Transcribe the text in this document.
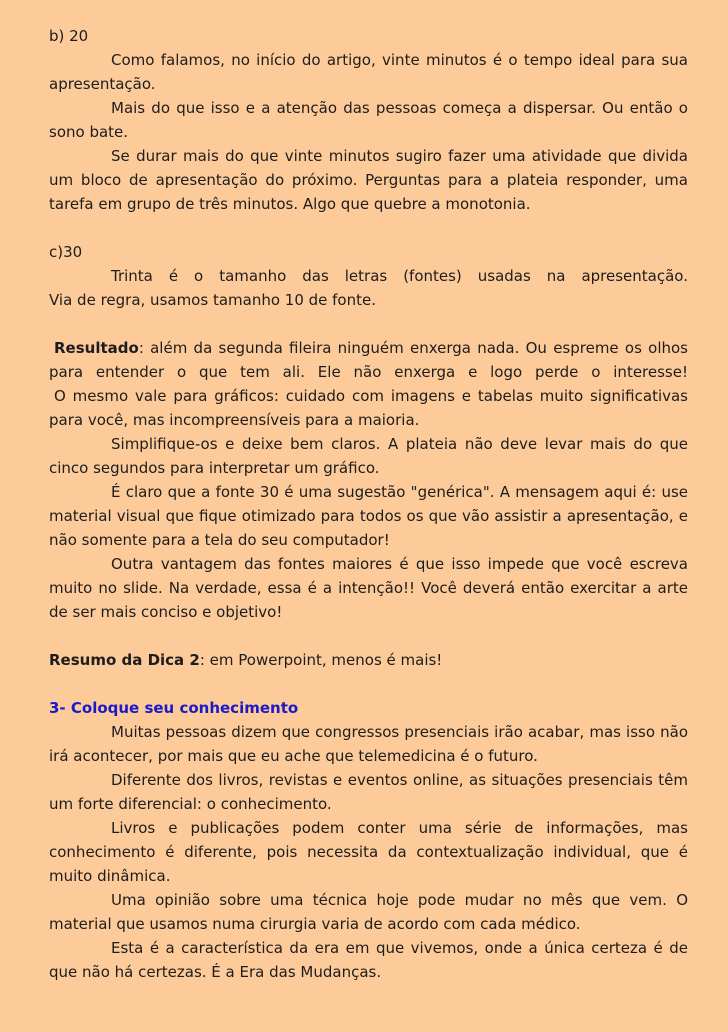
b) 20
Como falamos, no início do artigo, vinte minutos é o tempo ideal para sua
apresentação.
Mais do que isso e a atenção das pessoas começa a dispersar. Ou então o
sono bate.
Se durar mais do que vinte minutos sugiro fazer uma atividade que divida
um bloco de apresentação do próximo. Perguntas para a plateia responder, uma
tarefa em grupo de três minutos. Algo que quebre a monotonia.
c)30
Trinta é o tamanho das letras (fontes) usadas na apresentação.
Via de regra, usamos tamanho 10 de fonte.
Resultado: além da segunda fileira ninguém enxerga nada. Ou espreme os olhos
para entender o que tem ali. Ele não enxerga e logo perde o interesse!
O mesmo vale para gráficos: cuidado com imagens e tabelas muito significativas
para você, mas incompreensíveis para a maioria.
Simplifique-os e deixe bem claros. A plateia não deve levar mais do que
cinco segundos para interpretar um gráfico.
É claro que a fonte 30 é uma sugestão "genérica". A mensagem aqui é: use
material visual que fique otimizado para todos os que vão assistir a apresentação, e
não somente para a tela do seu computador!
Outra vantagem das fontes maiores é que isso impede que você escreva
muito no slide. Na verdade, essa é a intenção!! Você deverá então exercitar a arte
de ser mais conciso e objetivo!
Resumo da Dica 2: em Powerpoint, menos é mais!
3- Coloque seu conhecimento
Muitas pessoas dizem que congressos presenciais irão acabar, mas isso não
irá acontecer, por mais que eu ache que telemedicina é o futuro.
Diferente dos livros, revistas e eventos online, as situações presenciais têm
um forte diferencial: o conhecimento.
Livros e publicações podem conter uma série de informações, mas
conhecimento é diferente, pois necessita da contextualização individual, que é
muito dinâmica.
Uma opinião sobre uma técnica hoje pode mudar no mês que vem. O
material que usamos numa cirurgia varia de acordo com cada médico.
Esta é a característica da era em que vivemos, onde a única certeza é de
que não há certezas. É a Era das Mudanças.
